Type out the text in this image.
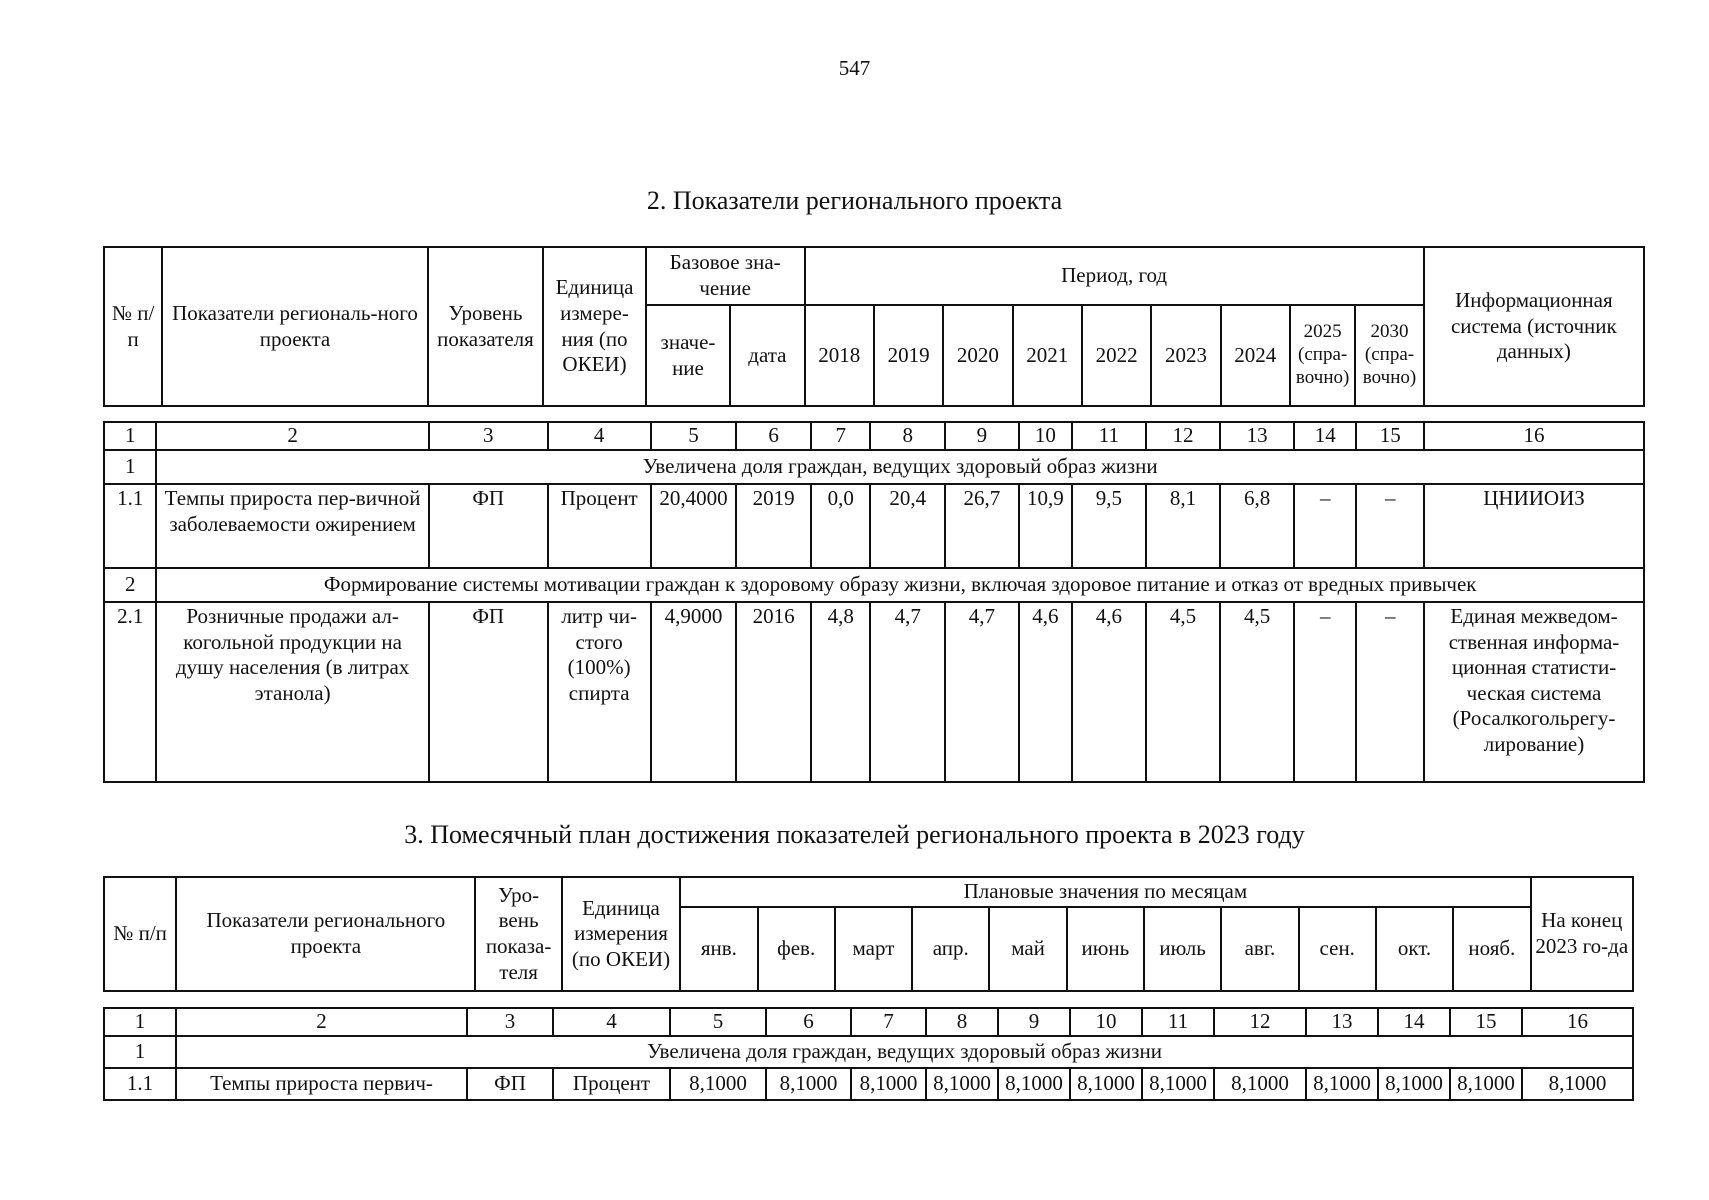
547
2. Показатели регионального проекта
№ п/п	Показатели региональ-ного проекта	Уровень показателя	Единица измере-ния (по ОКЕИ)	Базовое зна-чение		Период, год									Информационная система (источник данных)
				значе-ние	дата	2018	2019	2020	2021	2022	2023	2024	2025 (спра-вочно)	2030 (спра-вочно)	
1	2	3	4	5	6	7	8	9	10	11	12	13	14	15	16
1	Увеличена доля граждан, ведущих здоровый образ жизни														
1.1	Темпы прироста пер-вичной заболеваемости ожирением	ФП	Процент	20,4000	2019	0,0	20,4	26,7	10,9	9,5	8,1	6,8	–	–	ЦНИИОИЗ
2	Формирование системы мотивации граждан к здоровому образу жизни, включая здоровое питание и отказ от вредных привычек														
2.1	Розничные продажи ал-когольной продукции на душу населения (в литрах этанола)	ФП	литр чи-стого (100%) спирта	4,9000	2016	4,8	4,7	4,7	4,6	4,6	4,5	4,5	–	–	Единая межведом-ственная информа-ционная статисти-ческая система (Росалкогольрегу-лирование)
3. Помесячный план достижения показателей регионального проекта в 2023 году
№ п/п	Показатели регионального проекта	Уро-вень показа-теля	Единица измерения (по ОКЕИ)	Плановые значения по месяцам											На конец 2023 го-да
				янв.	фев.	март	апр.	май	июнь	июль	авг.	сен.	окт.	нояб.	
1	2	3	4	5	6	7	8	9	10	11	12	13	14	15	16
1	Увеличена доля граждан, ведущих здоровый образ жизни														
1.1	Темпы прироста первич-	ФП	Процент	8,1000	8,1000	8,1000	8,1000	8,1000	8,1000	8,1000	8,1000	8,1000	8,1000	8,1000	8,1000
